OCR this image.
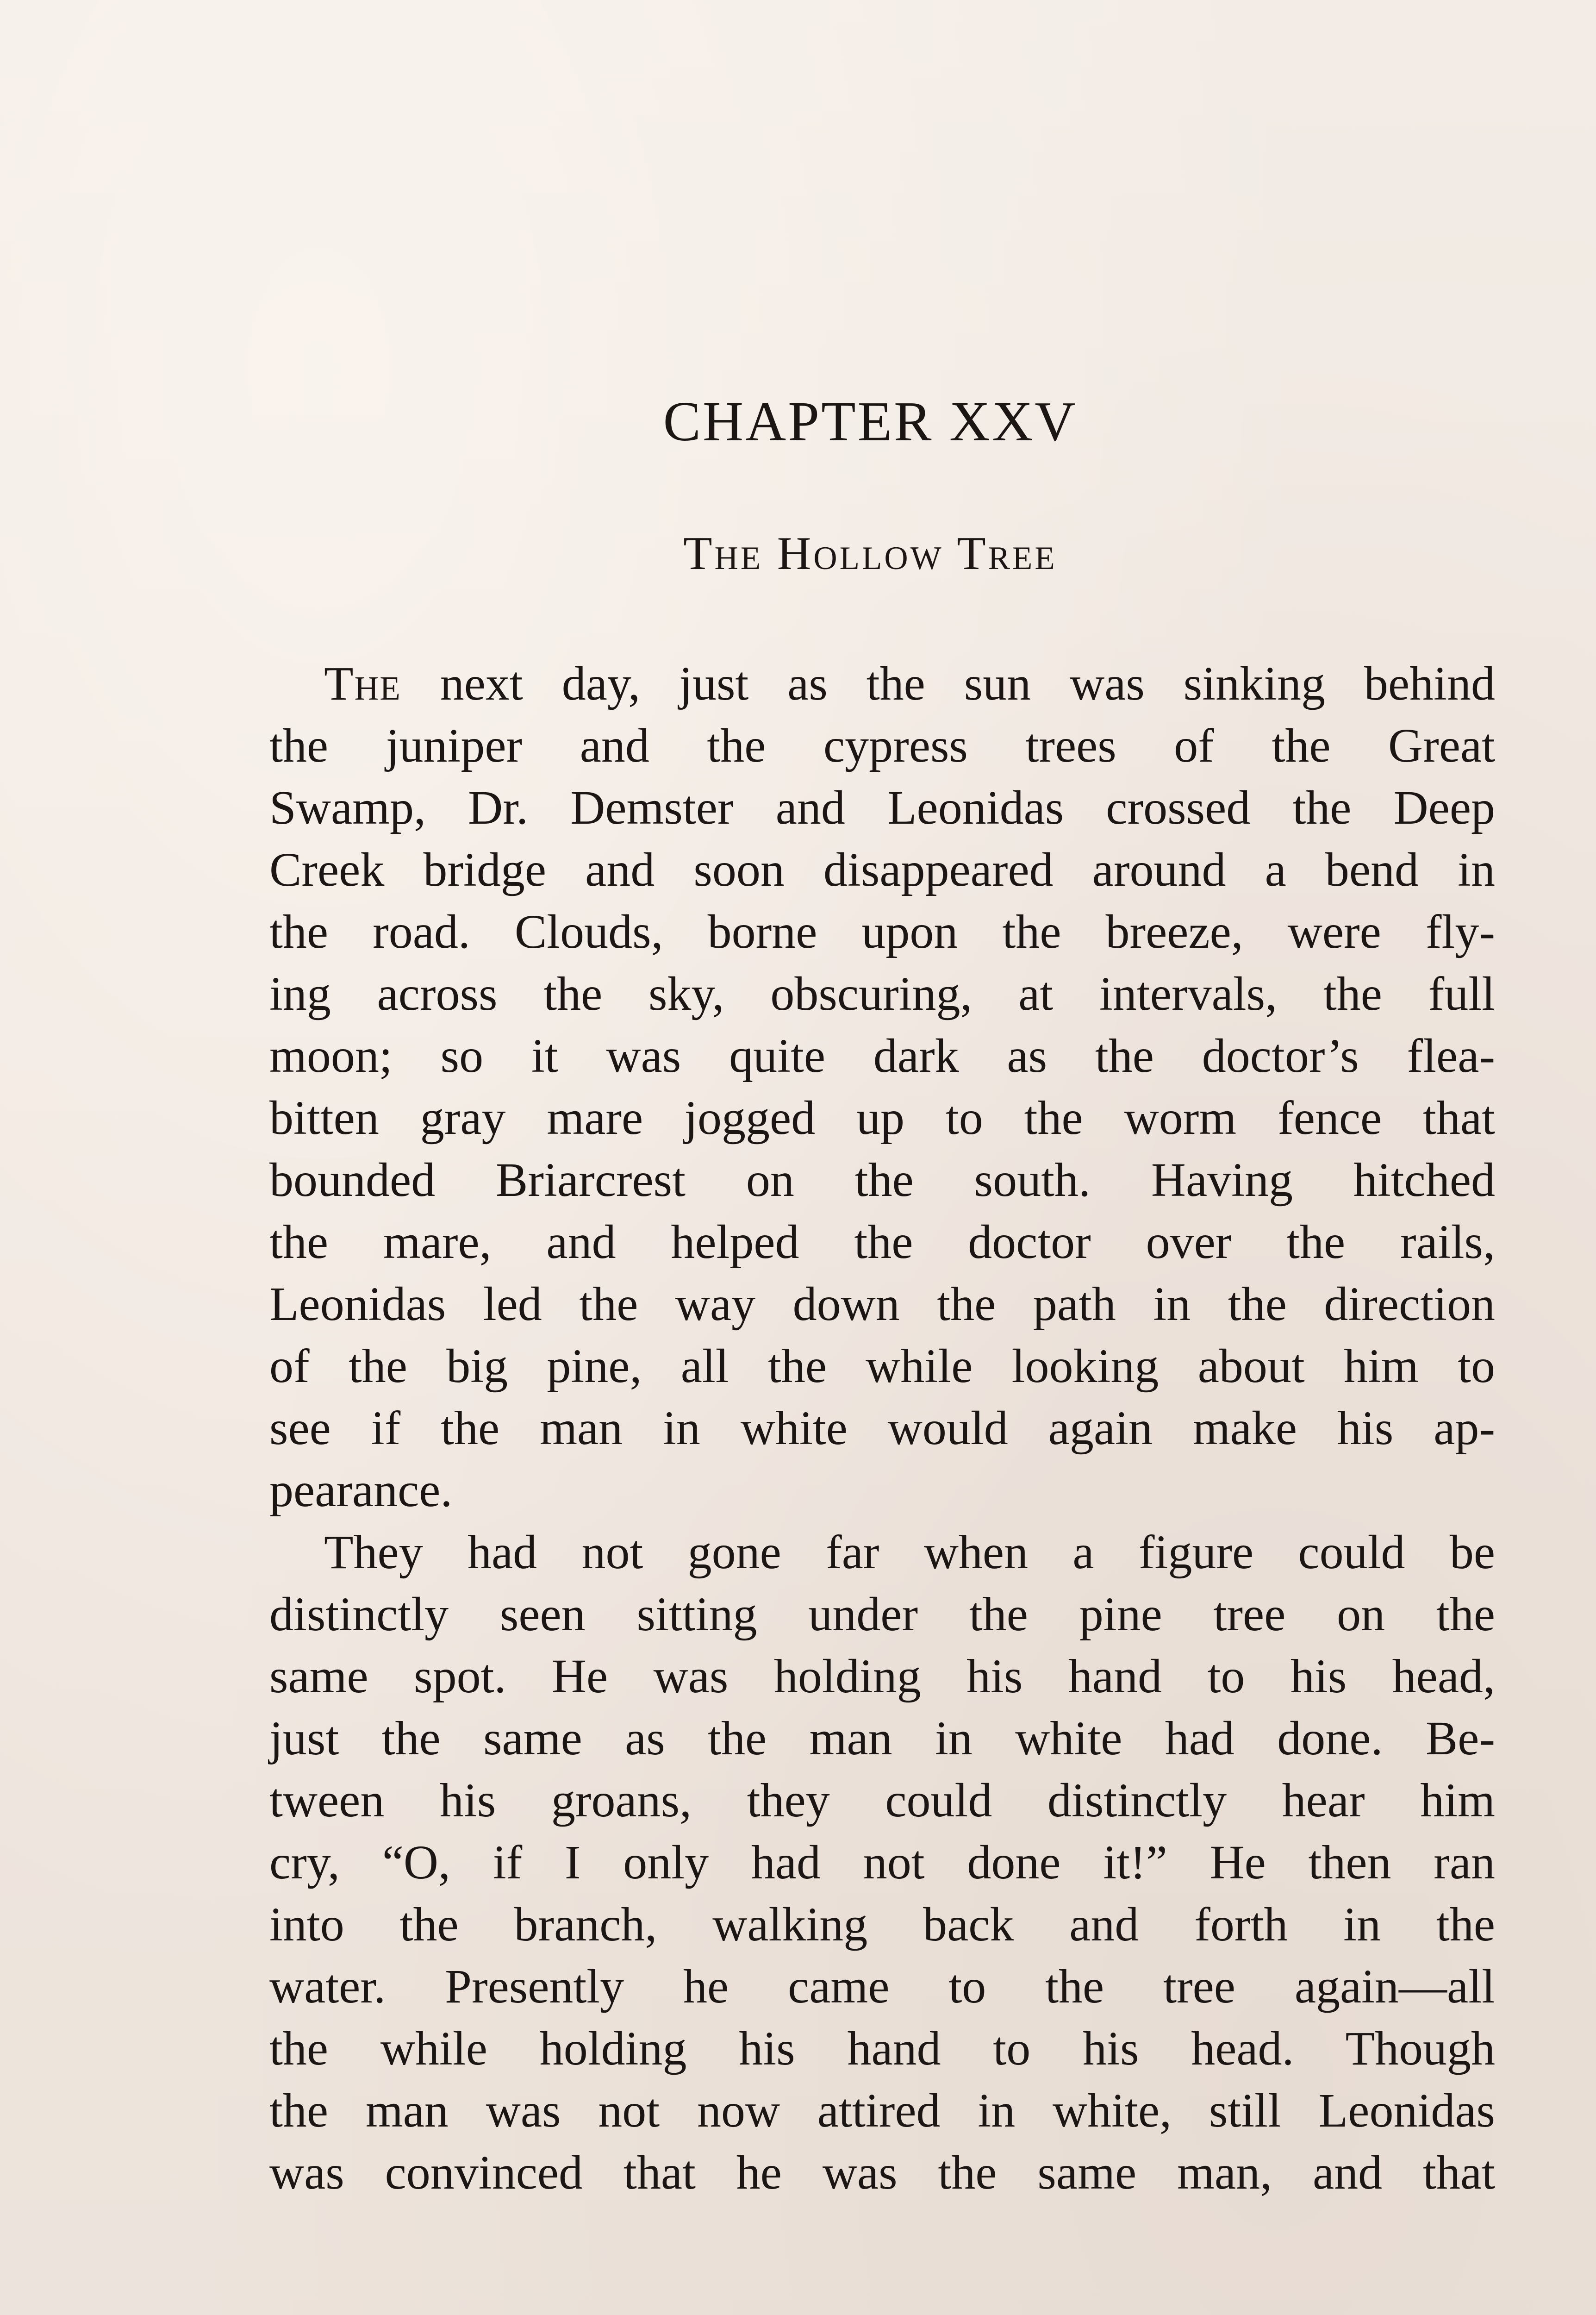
CHAPTER XXV
The Hollow Tree
The next day, just as the sun was sinking behind
the juniper and the cypress trees of the Great
Swamp, Dr. Demster and Leonidas crossed the Deep
Creek bridge and soon disappeared around a bend in
the road. Clouds, borne upon the breeze, were fly-
ing across the sky, obscuring, at intervals, the full
moon; so it was quite dark as the doctor’s flea-
bitten gray mare jogged up to the worm fence that
bounded Briarcrest on the south. Having hitched
the mare, and helped the doctor over the rails,
Leonidas led the way down the path in the direction
of the big pine, all the while looking about him to
see if the man in white would again make his ap-
pearance.
They had not gone far when a figure could be
distinctly seen sitting under the pine tree on the
same spot. He was holding his hand to his head,
just the same as the man in white had done. Be-
tween his groans, they could distinctly hear him
cry, “O, if I only had not done it!” He then ran
into the branch, walking back and forth in the
water. Presently he came to the tree again—all
the while holding his hand to his head. Though
the man was not now attired in white, still Leonidas
was convinced that he was the same man, and that
